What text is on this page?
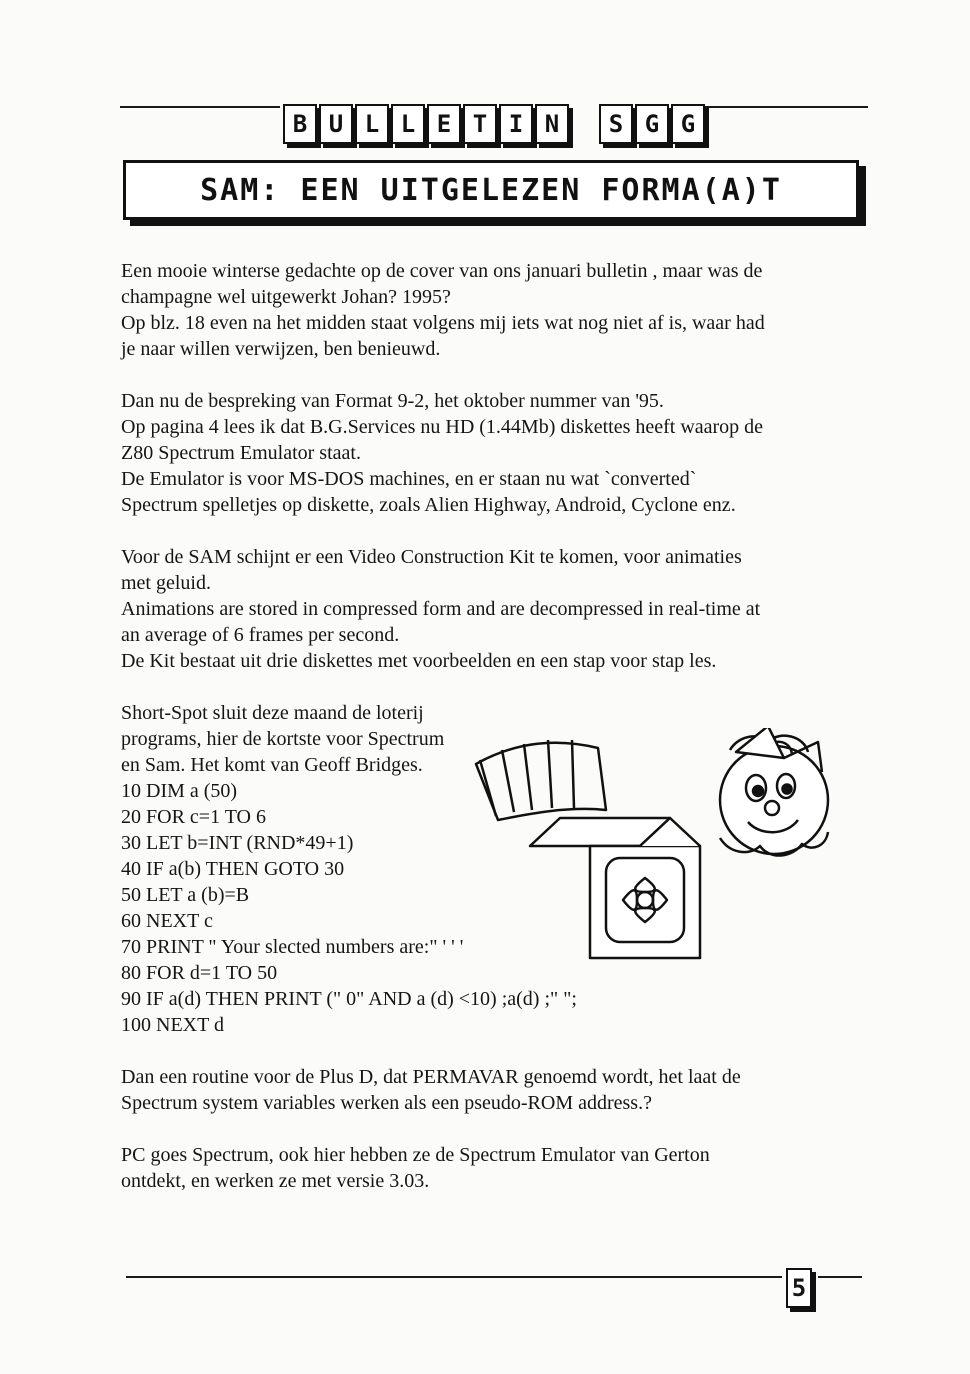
B U L L E T I N	S G G
SAM: EEN UITGELEZEN FORMA(A)T

Een mooie winterse gedachte op de cover van ons januari bulletin , maar was de

champagne wel uitgewerkt Johan? 1995?

Op blz. 18 even na het midden staat volgens mij iets wat nog niet af is, waar had

je naar willen verwijzen, ben benieuwd.

Dan nu de bespreking van Format 9-2, het oktober nummer van '95.

Op pagina 4 lees ik dat B.G.Services nu HD (1.44Mb) diskettes heeft waarop de

Z80 Spectrum Emulator staat.

De Emulator is voor MS-DOS machines, en er staan nu wat `converted`

Spectrum spelletjes op diskette, zoals Alien Highway, Android, Cyclone enz.

Voor de SAM schijnt er een Video Construction Kit te komen, voor animaties

met geluid.

Animations are stored in compressed form and are decompressed in real-time at

an average of 6 frames per second.

De Kit bestaat uit drie diskettes met voorbeelden en een stap voor stap les.

Short-Spot sluit deze maand de loterij

programs, hier de kortste voor Spectrum

en Sam. Het komt van Geoff Bridges.

10 DIM a (50)

20 FOR c=1 TO 6

30 LET b=INT (RND*49+1)

40 IF a(b) THEN GOTO 30

50 LET a (b)=B

60 NEXT c

70 PRINT " Your slected numbers are:" ' ' '

80 FOR d=1 TO 50

90 IF a(d) THEN PRINT (" 0" AND a (d) <10) ;a(d) ;" ";

100 NEXT d

Dan een routine voor de Plus D, dat PERMAVAR genoemd wordt, het laat de

Spectrum system variables werken als een pseudo-ROM address.?

PC goes Spectrum, ook hier hebben ze de Spectrum Emulator van Gerton

ontdekt, en werken ze met versie 3.03.

5
